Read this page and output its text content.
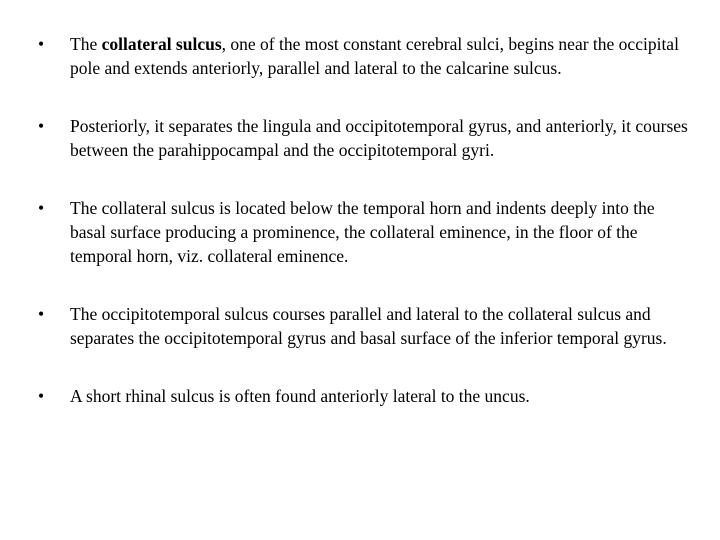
•	The collateral sulcus, one of the most constant cerebral sulci, begins near the occipital pole and extends anteriorly, parallel and lateral to the calcarine sulcus.
•	Posteriorly, it separates the lingula and occipitotemporal gyrus, and anteriorly, it courses between the parahippocampal and the occipitotemporal gyri.
•	The collateral sulcus is located below the temporal horn and indents deeply into the basal surface producing a prominence, the collateral eminence, in the floor of the temporal horn, viz. collateral eminence.
•	The occipitotemporal sulcus courses parallel and lateral to the collateral sulcus and separates the occipitotemporal gyrus and basal surface of the inferior temporal gyrus.
•	A short rhinal sulcus is often found anteriorly lateral to the uncus.
